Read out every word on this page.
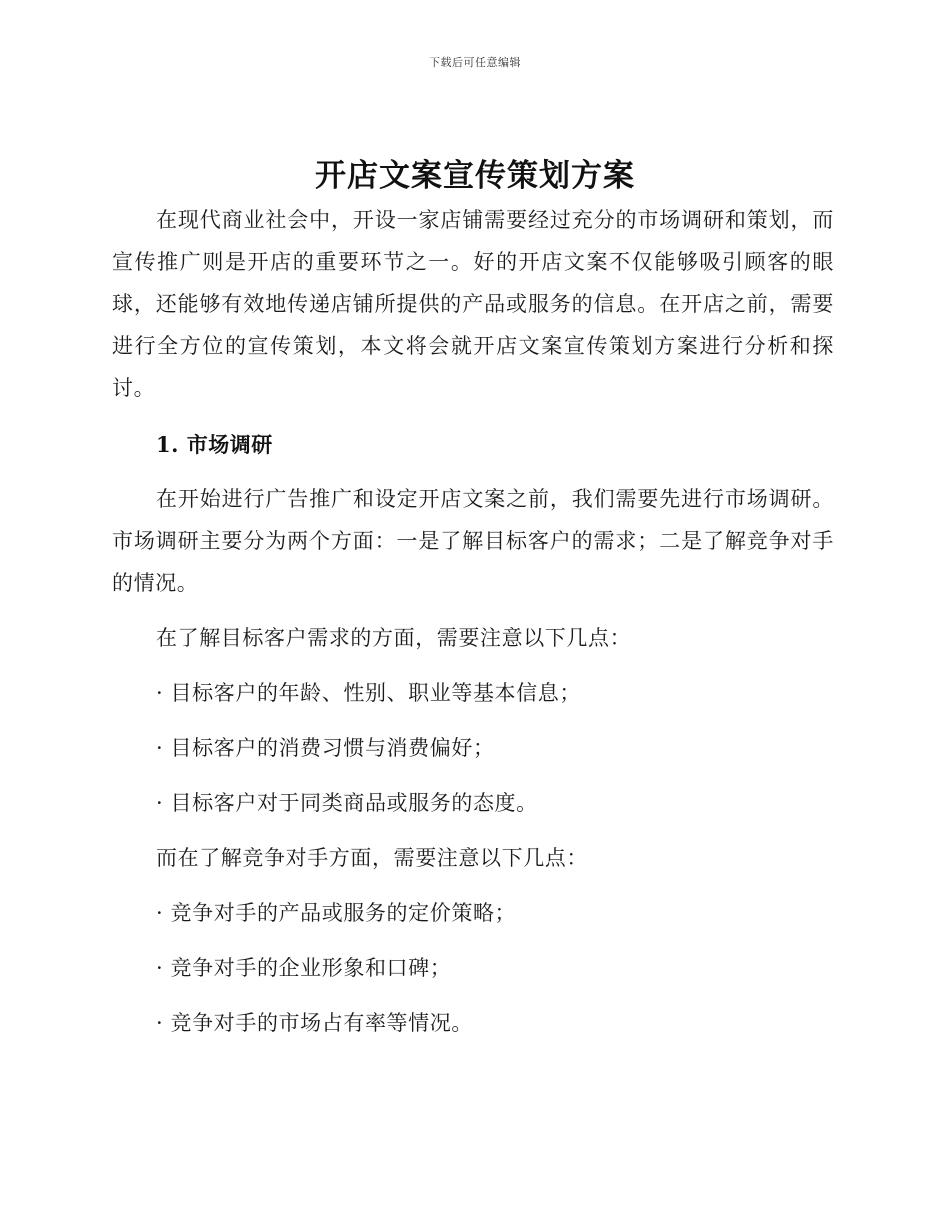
下载后可任意编辑
开店文案宣传策划方案

在现代商业社会中，开设一家店铺需要经过充分的市场调研和策划，而宣传推广则是开店的重要环节之一。好的开店文案不仅能够吸引顾客的眼球，还能够有效地传递店铺所提供的产品或服务的信息。在开店之前，需要进行全方位的宣传策划，本文将会就开店文案宣传策划方案进行分析和探讨。

1. 市场调研

在开始进行广告推广和设定开店文案之前，我们需要先进行市场调研。市场调研主要分为两个方面：一是了解目标客户的需求；二是了解竞争对手的情况。

在了解目标客户需求的方面，需要注意以下几点：
· 目标客户的年龄、性别、职业等基本信息；
· 目标客户的消费习惯与消费偏好；
· 目标客户对于同类商品或服务的态度。
而在了解竞争对手方面，需要注意以下几点：
· 竞争对手的产品或服务的定价策略；
· 竞争对手的企业形象和口碑；
· 竞争对手的市场占有率等情况。
